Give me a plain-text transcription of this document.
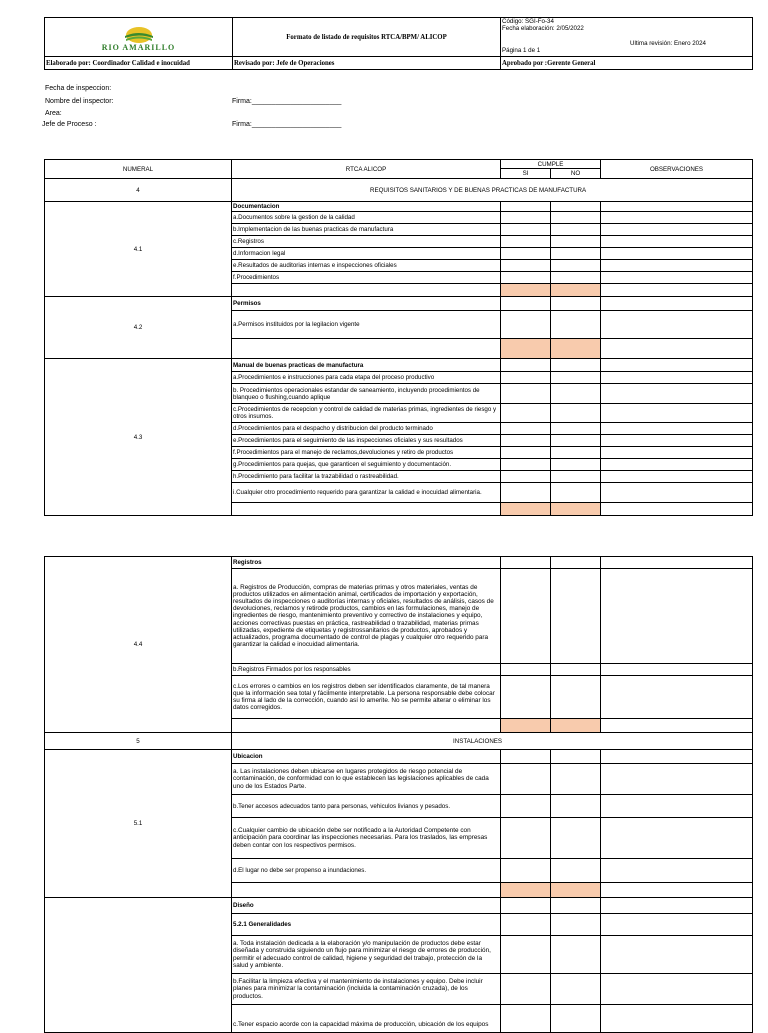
RIO AMARILLO	Formato de listado de requisitos RTCA/BPM/ ALICOP	Código: SGI-Fo-34
Fecha elaboración: 2/05/2022
Ultima revisión: Enero 2024
Página 1 de 1

Elaborado por: Coordinador Calidad e inocuidad	Revisado por: Jefe de Operaciones	Aprobado por :Gerente General
Fecha de inspeccion:
Nombre del inspector:	Firma:_______________________
Area:
Jefe de Proceso :	Firma:_______________________
NUMERAL	RTCA ALICOP	CUMPLE		OBSERVACIONES
		SI	NO	
4	REQUISITOS SANITARIOS Y DE BUENAS PRACTICAS DE MANUFACTURA			
4.1	Documentacion			
	a.Documentos sobre la gestion de la calidad			
	b.Implementacion de las buenas practicas de manufactura			
	c.Registros			
	d.Informacion legal			
	e.Resultados de auditorias internas e inspecciones oficiales			
	f.Procedimientos			

4.2	Permisos			
	a.Permisos instituidos por la legilacion vigente			

4.3	Manual de buenas practicas de manufactura			
	a.Procedimientos e instrucciones para cada etapa del proceso productivo			
	b. Procedimientos operacionales estandar de saneamiento, incluyendo procedimientos de blanqueo o flushing,cuando aplique			
	c.Procedimientos de recepcion y control de calidad de materias primas, ingredientes de riesgo y otros insumos.			
	d.Procedimientos para el despacho y distribucion del producto terminado			
	e.Procedimientos para el seguimiento de las inspecciones oficiales y sus resultados			
	f.Procedimientos para el manejo de reclamos,devoluciones y retiro de productos			
	g.Procedimientos para quejas, que garanticen el seguimiento y documentación.			
	h.Procedimiento para facilitar la trazabilidad o rastreabilidad.			
	i.Cualquier otro procedimiento requerido para garantizar la calidad e inocuidad alimentaria.			

4.4	Registros			
	a. Registros de Producción, compras de materias primas y otros materiales, ventas de productos utilizados en alimentación animal, certificados de importación y exportación, resultados de inspecciones o auditorías internas y oficiales, resultados de análisis, casos de devoluciones, reclamos y retirode productos, cambios en las formulaciones, manejo de ingredientes de riesgo, mantenimiento preventivo y correctivo de instalaciones y equipo, acciones correctivas puestas en práctica, rastreabilidad o trazabilidad, materias primas utilizadas, expediente de etiquetas y registrossanitarios de productos, aprobados y actualizados, programa documentado de control de plagas y cualquier otro requerido para garantizar la calidad e inocuidad alimentaria.			
	b.Registros Firmados por los responsables			
	c.Los errores o cambios en los registros deben ser identificados claramente, de tal manera que la información sea total y fácilmente interpretable. La persona responsable debe colocar su firma al lado de la corrección, cuando así lo amerite. No se permite alterar o eliminar los datos corregidos.			

5	INSTALACIONES			
5.1	Ubicacion			
	a. Las instalaciones deben ubicarse en lugares protegidos de riesgo potencial de contaminación, de conformidad con lo que establecen las legislaciones aplicables de cada uno de los Estados Parte.			
	b.Tener accesos adecuados tanto para personas, vehiculos livianos y pesados.			
	c.Cualquier cambio de ubicación debe ser notificado a la Autoridad Competente con anticipación para coordinar las inspecciones necesarias. Para los traslados, las empresas deben contar con los respectivos permisos.			
	d.El lugar no debe ser propenso a inundaciones.			

	Diseño			
	5.2.1 Generalidades			
	a. Toda instalación dedicada a la elaboración y/o manipulación de productos debe estar diseñada y construida siguiendo un flujo para minimizar el riesgo de errores de producción, permitir el adecuado control de calidad, higiene y seguridad del trabajo, protección de la salud y ambiente.			
	b.Facilitar la limpieza efectiva y el mantenimiento de instalaciones y equipo. Debe incluir planes para minimizar la contaminación (incluida la contaminación cruzada), de los productos.			
	c.Tener espacio acorde con la capacidad máxima de producción, ubicación de los equipos			
